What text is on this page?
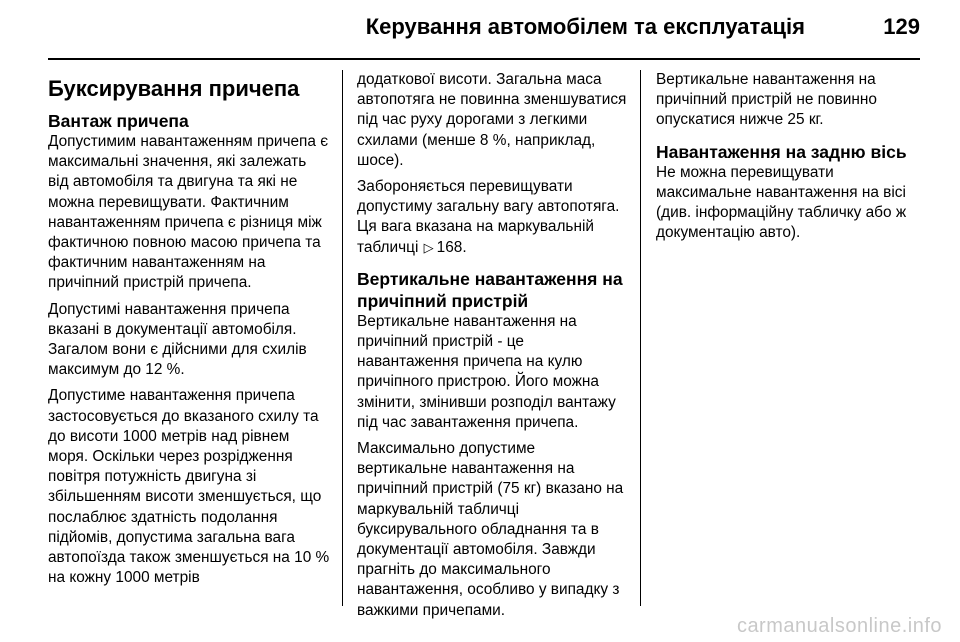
Керування автомобілем та експлуатація	129
Буксирування причепа
Вантаж причепа

Допустимим навантаженням причепа є максимальні значення, які залежать від автомобіля та двигуна та які не можна перевищувати. Фактичним навантаженням причепа є різниця між фактичною повною масою причепа та фактичним навантаженням на причіпний пристрій причепа.

Допустимі навантаження причепа вказані в документації автомобіля. Загалом вони є дійсними для схилів максимум до 12 %.

Допустиме навантаження причепа застосовується до вказаного схилу та до висоти 1000 метрів над рівнем моря. Оскільки через розрідження повітря потужність двигуна зі збільшенням висоти зменшується, що послаблює здатність подолання підйомів, допустима загальна вага автопоїзда також зменшується на 10 % на кожну 1000 метрів

додаткової висоти. Загальна маса автопотяга не повинна зменшуватися під час руху дорогами з легкими схилами (менше 8 %, наприклад, шосе).

Забороняється перевищувати допустиму загальну вагу автопотяга. Ця вага вказана на маркувальній табличці ▷ 168.

Вертикальне навантаження на причіпний пристрій

Вертикальне навантаження на причіпний пристрій - це навантаження причепа на кулю причіпного пристрою. Його можна змінити, змінивши розподіл вантажу під час завантаження причепа.

Максимально допустиме вертикальне навантаження на причіпний пристрій (75 кг) вказано на маркувальній табличці буксирувального обладнання та в документації автомобіля. Завжди прагніть до максимального навантаження, особливо у випадку з важкими причепами.

Вертикальне навантаження на причіпний пристрій не повинно опускатися нижче 25 кг.

Навантаження на задню вісь

Не можна перевищувати максимальне навантаження на вісі (див. інформаційну табличку або ж документацію авто).

carmanualsonline.info
